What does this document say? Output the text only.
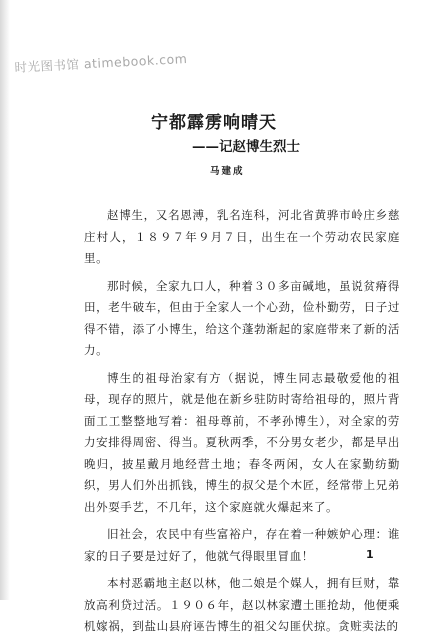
时光图书馆 atimebook.com
宁都霹雳响晴天
——记赵博生烈士
马建成

赵博生，又名恩溥，乳名连科，河北省黄骅市岭庄乡慈庄村人，１８９７年９月７日，出生在一个劳动农民家庭里。

那时候，全家九口人，种着３０多亩碱地，虽说贫瘠得田，老牛破车，但由于全家人一个心劲，俭朴勤劳，日子过得不错，添了小博生，给这个蓬勃渐起的家庭带来了新的活力。

博生的祖母治家有方（据说，博生同志最敬爱他的祖母，现存的照片，就是他在新乡驻防时寄给祖母的，照片背面工工整整地写着：祖母尊前，不孝孙博生），对全家的劳力安排得周密、得当。夏秋两季，不分男女老少，都是早出晚归，披星戴月地经营土地；春冬两闲，女人在家勤纺勤织，男人们外出抓钱，博生的叔父是个木匠，经常带上兄弟出外耍手艺，不几年，这个家庭就火爆起来了。

旧社会，农民中有些富裕户，存在着一种嫉妒心理：谁家的日子要是过好了，他就气得眼里冒血！

本村恶霸地主赵以林，他二娘是个媒人，拥有巨财，靠放高利贷过活。１９０６年，赵以林家遭土匪抢劫，他便乘机嫁祸，到盐山县府诬告博生的祖父勾匪伏掠。贪赃卖法的

1
